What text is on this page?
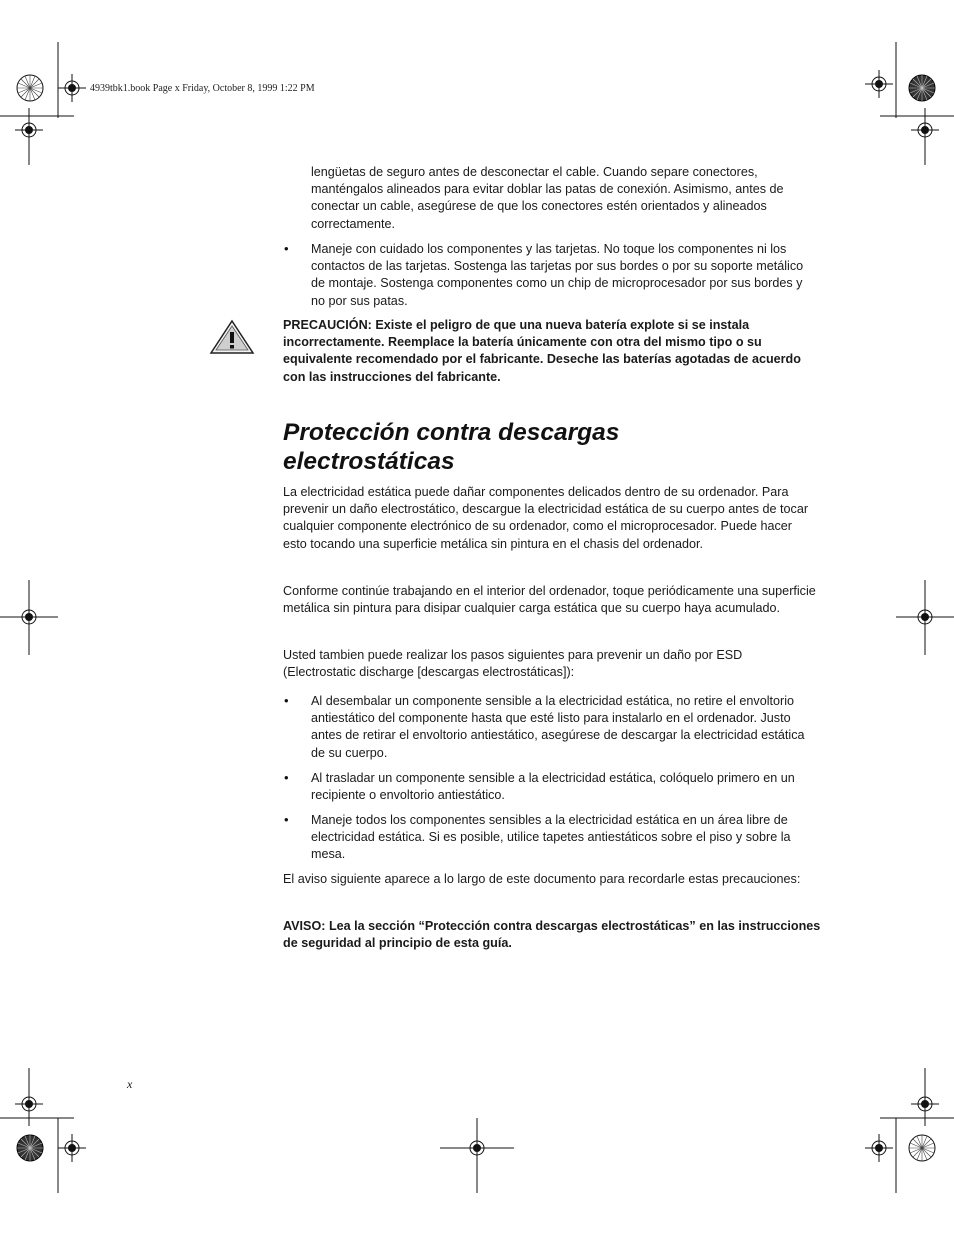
4939tbk1.book Page x Friday, October 8, 1999 1:22 PM
lengüetas de seguro antes de desconectar el cable. Cuando separe conectores, manténgalos alineados para evitar doblar las patas de conexión. Asimismo, antes de conectar un cable, asegúrese de que los conectores estén orientados y alineados correctamente.
• Maneje con cuidado los componentes y las tarjetas. No toque los componentes ni los contactos de las tarjetas. Sostenga las tarjetas por sus bordes o por su soporte metálico de montaje. Sostenga componentes como un chip de microprocesador por sus bordes y no por sus patas.
PRECAUCIÓN: Existe el peligro de que una nueva batería explote si se instala incorrectamente. Reemplace la batería únicamente con otra del mismo tipo o su equivalente recomendado por el fabricante. Deseche las baterías agotadas de acuerdo con las instrucciones del fabricante.
Protección contra descargas
electrostáticas
La electricidad estática puede dañar componentes delicados dentro de su ordenador. Para prevenir un daño electrostático, descargue la electricidad estática de su cuerpo antes de tocar cualquier componente electrónico de su ordenador, como el microprocesador. Puede hacer esto tocando una superficie metálica sin pintura en el chasis del ordenador.
Conforme continúe trabajando en el interior del ordenador, toque periódicamente una superficie metálica sin pintura para disipar cualquier carga estática que su cuerpo haya acumulado.
Usted tambien puede realizar los pasos siguientes para prevenir un daño por ESD (Electrostatic discharge [descargas electrostáticas]):
• Al desembalar un componente sensible a la electricidad estática, no retire el envoltorio antiestático del componente hasta que esté listo para instalarlo en el ordenador. Justo antes de retirar el envoltorio antiestático, asegúrese de descargar la electricidad estática de su cuerpo.
• Al trasladar un componente sensible a la electricidad estática, colóquelo primero en un recipiente o envoltorio antiestático.
• Maneje todos los componentes sensibles a la electricidad estática en un área libre de electricidad estática. Si es posible, utilice tapetes antiestáticos sobre el piso y sobre la mesa.
El aviso siguiente aparece a lo largo de este documento para recordarle estas precauciones:
AVISO: Lea la sección “Protección contra descargas electrostáticas” en las instrucciones de seguridad al principio de esta guía.
x
